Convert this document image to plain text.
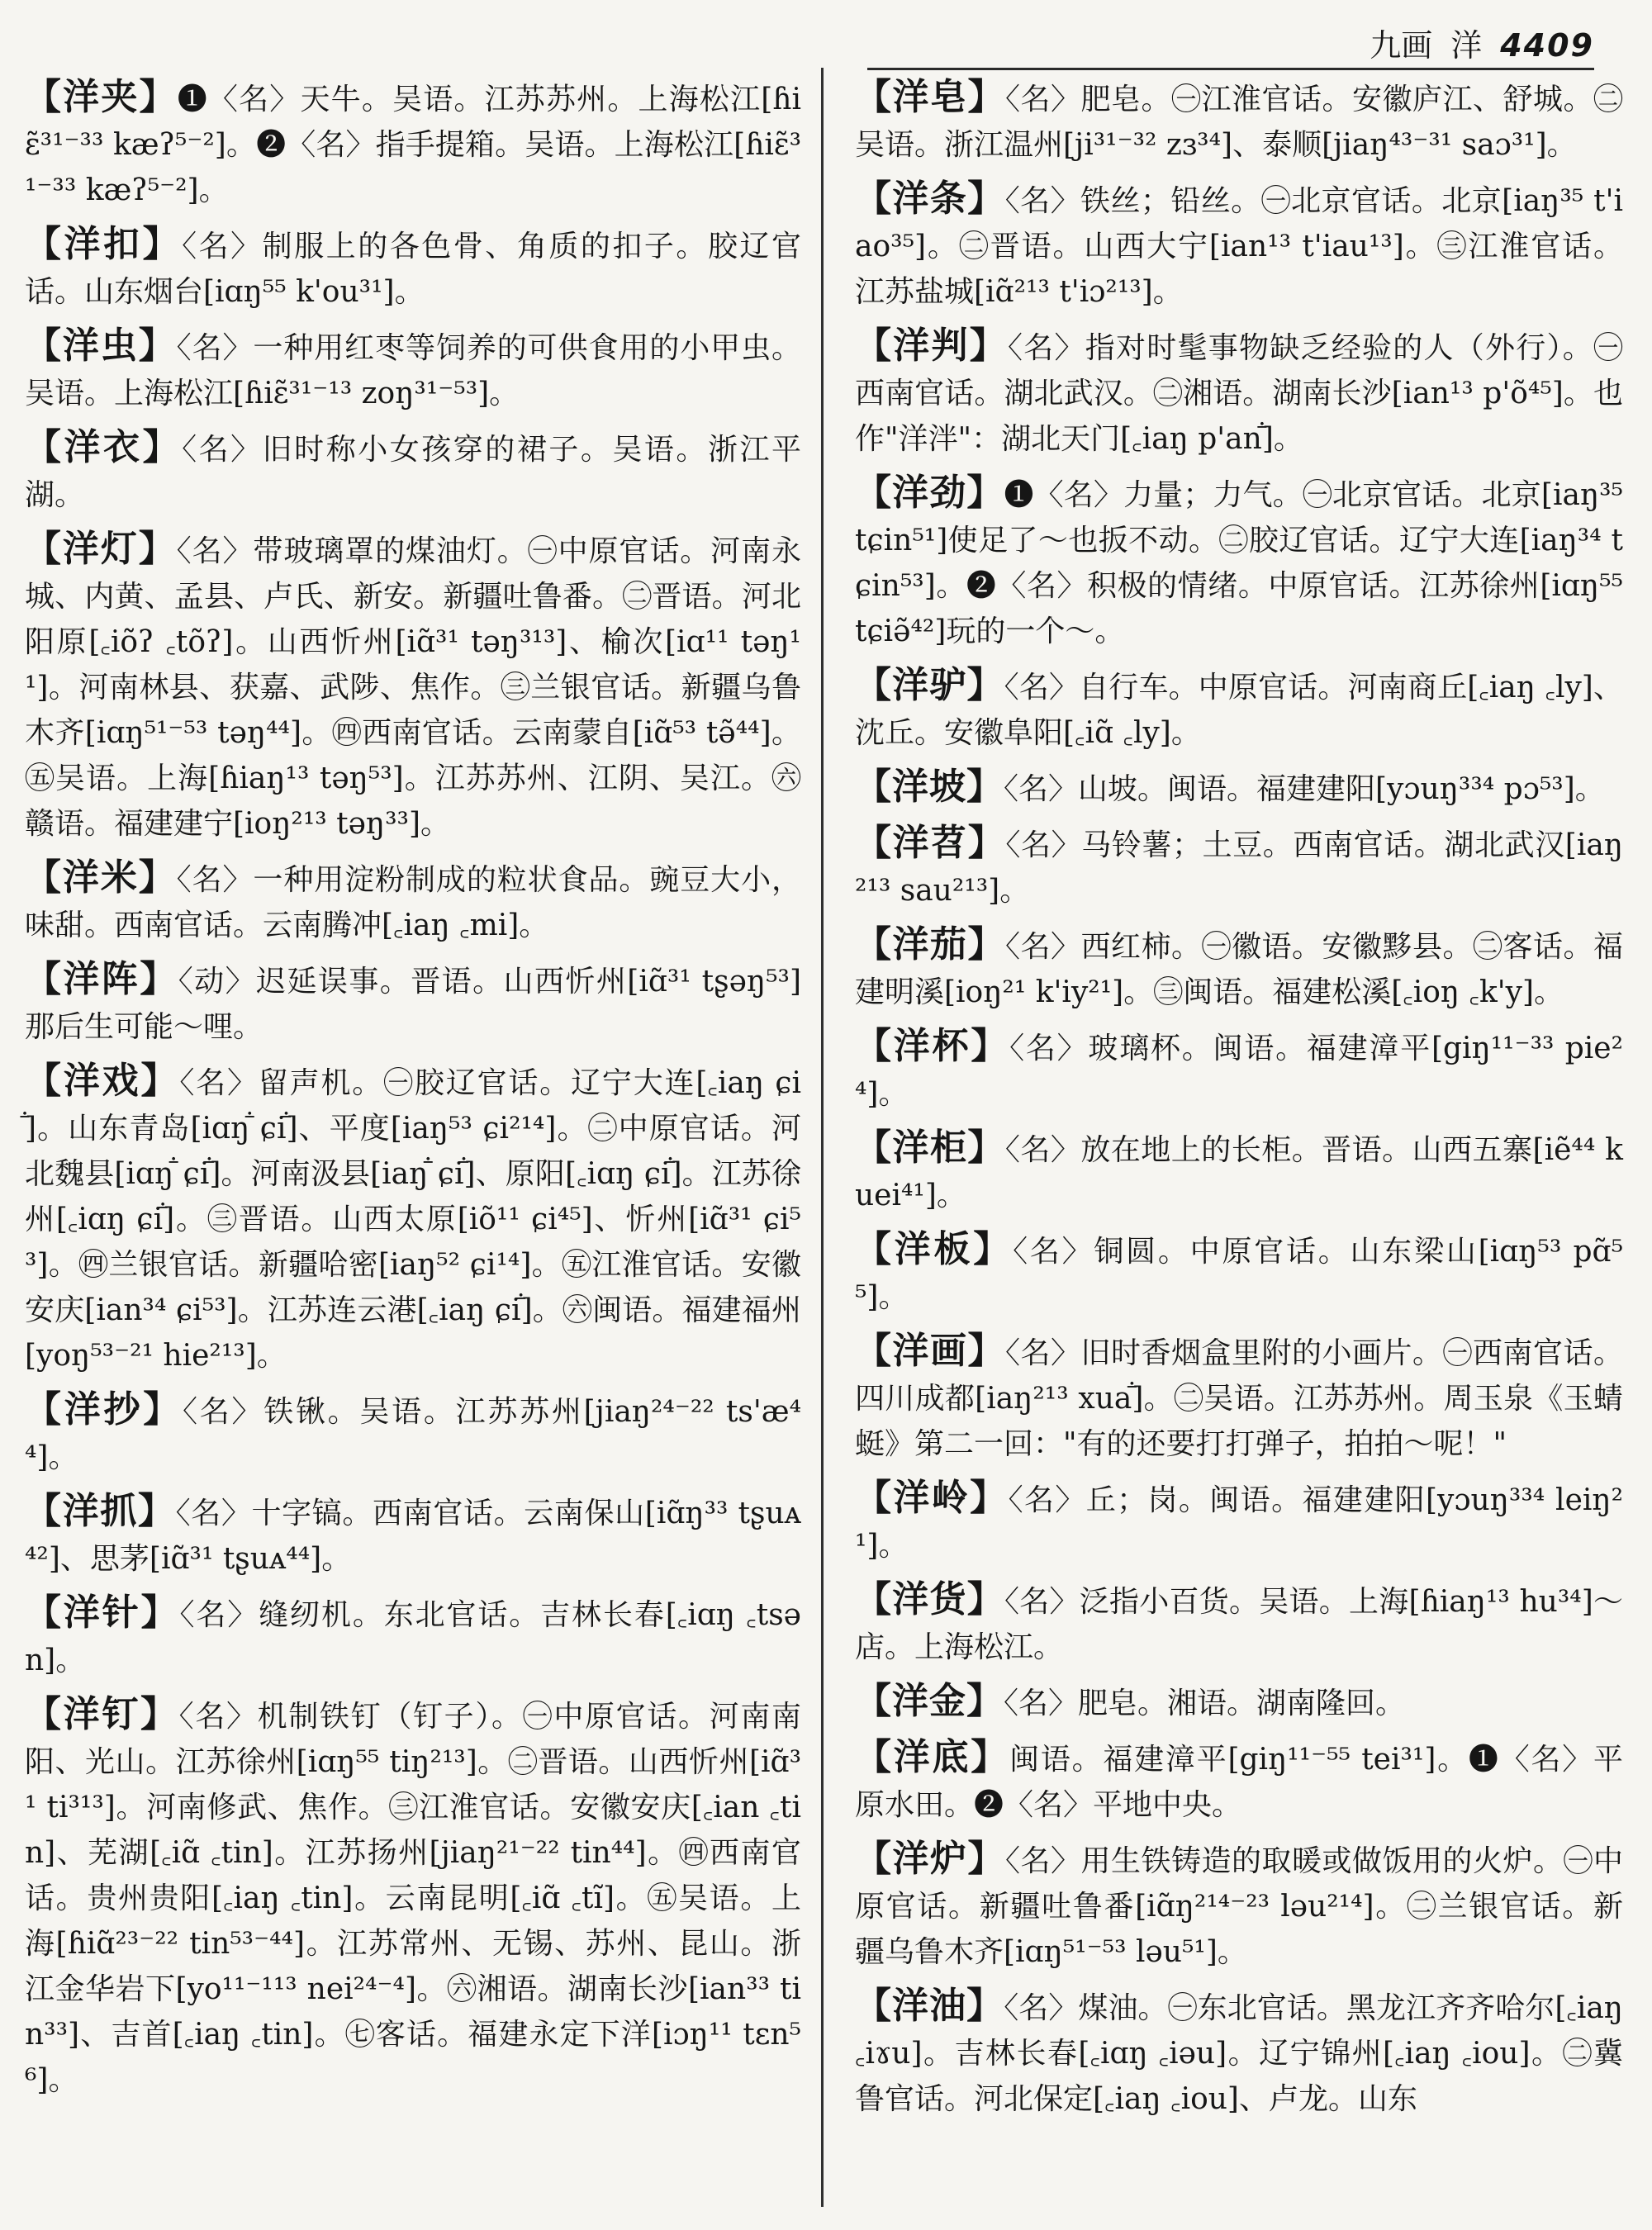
九画 洋 4409

【洋夹】❶〈名〉天牛。吴语。江苏苏州。上海松江[ɦiɛ̃³¹⁻³³ kæʔ⁵⁻²]。❷〈名〉指手提箱。吴语。上海松江[ɦiɛ̃³¹⁻³³ kæʔ⁵⁻²]。

【洋扣】〈名〉制服上的各色骨、角质的扣子。胶辽官话。山东烟台[iɑŋ⁵⁵ k'ou³¹]。

【洋虫】〈名〉一种用红枣等饲养的可供食用的小甲虫。吴语。上海松江[ɦiɛ̃³¹⁻¹³ zoŋ³¹⁻⁵³]。

【洋衣】〈名〉旧时称小女孩穿的裙子。吴语。浙江平湖。

【洋灯】〈名〉带玻璃罩的煤油灯。㊀中原官话。河南永城、内黄、孟县、卢氏、新安。新疆吐鲁番。㊁晋语。河北阳原[꜀iõʔ ꜀tõʔ]。山西忻州[iɑ̃³¹ təŋ³¹³]、榆次[iɑ¹¹ təŋ¹¹]。河南林县、获嘉、武陟、焦作。㊂兰银官话。新疆乌鲁木齐[iɑŋ⁵¹⁻⁵³ təŋ⁴⁴]。㊃西南官话。云南蒙自[iɑ̃⁵³ tə̃⁴⁴]。㊄吴语。上海[ɦiaŋ¹³ təŋ⁵³]。江苏苏州、江阴、吴江。㊅赣语。福建建宁[ioŋ²¹³ təŋ³³]。

【洋米】〈名〉一种用淀粉制成的粒状食品。豌豆大小，味甜。西南官话。云南腾冲[꜀iaŋ ꜀mi]。

【洋阵】〈动〉迟延误事。晋语。山西忻州[iɑ̃³¹ tʂəŋ⁵³]那后生可能～哩。

【洋戏】〈名〉留声机。㊀胶辽官话。辽宁大连[꜀iaŋ ɕiꜙ]。山东青岛[iɑŋꜙ ɕiꜙ]、平度[iaŋ⁵³ ɕi²¹⁴]。㊁中原官话。河北魏县[iɑŋꜙ ɕiꜙ]。河南汲县[iaŋꜙ ɕiꜙ]、原阳[꜀iɑŋ ɕiꜙ]。江苏徐州[꜀iɑŋ ɕiꜙ]。㊂晋语。山西太原[iõ¹¹ ɕi⁴⁵]、忻州[iɑ̃³¹ ɕi⁵³]。㊃兰银官话。新疆哈密[iaŋ⁵² ɕi¹⁴]。㊄江淮官话。安徽安庆[ian³⁴ ɕi⁵³]。江苏连云港[꜀iaŋ ɕiꜙ]。㊅闽语。福建福州[yoŋ⁵³⁻²¹ hie²¹³]。

【洋抄】〈名〉铁锹。吴语。江苏苏州[jiaŋ²⁴⁻²² ts'æ⁴⁴]。

【洋抓】〈名〉十字镐。西南官话。云南保山[iɑ̃ŋ³³ tʂuᴀ⁴²]、思茅[iɑ̃³¹ tʂuᴀ⁴⁴]。

【洋针】〈名〉缝纫机。东北官话。吉林长春[꜀iɑŋ ꜀tsən]。

【洋钉】〈名〉机制铁钉（钉子）。㊀中原官话。河南南阳、光山。江苏徐州[iɑŋ⁵⁵ tiŋ²¹³]。㊁晋语。山西忻州[iɑ̃³¹ ti³¹³]。河南修武、焦作。㊂江淮官话。安徽安庆[꜀ian ꜀tin]、芜湖[꜀iɑ̃ ꜀tin]。江苏扬州[jiaŋ²¹⁻²² tin⁴⁴]。㊃西南官话。贵州贵阳[꜀iaŋ ꜀tin]。云南昆明[꜀iɑ̃ ꜀tĩ]。㊄吴语。上海[ɦiɑ̃²³⁻²² tin⁵³⁻⁴⁴]。江苏常州、无锡、苏州、昆山。浙江金华岩下[yo¹¹⁻¹¹³ nei²⁴⁻⁴]。㊅湘语。湖南长沙[ian³³ tin³³]、吉首[꜀iaŋ ꜀tin]。㊆客话。福建永定下洋[iɔŋ¹¹ tɛn⁵⁶]。

【洋皂】〈名〉肥皂。㊀江淮官话。安徽庐江、舒城。㊁吴语。浙江温州[ji³¹⁻³² zɜ³⁴]、泰顺[jiaŋ⁴³⁻³¹ saɔ³¹]。

【洋条】〈名〉铁丝；铅丝。㊀北京官话。北京[iaŋ³⁵ t'iao³⁵]。㊁晋语。山西大宁[ian¹³ t'iau¹³]。㊂江淮官话。江苏盐城[iɑ̃²¹³ t'iɔ²¹³]。

【洋判】〈名〉指对时髦事物缺乏经验的人（外行）。㊀西南官话。湖北武汉。㊁湘语。湖南长沙[ian¹³ p'õ⁴⁵]。也作"洋泮"：湖北天门[꜀iaŋ p'anꜙ]。

【洋劲】❶〈名〉力量；力气。㊀北京官话。北京[iaŋ³⁵ tɕin⁵¹]使足了～也扳不动。㊁胶辽官话。辽宁大连[iaŋ³⁴ tɕin⁵³]。❷〈名〉积极的情绪。中原官话。江苏徐州[iɑŋ⁵⁵ tɕiə̃⁴²]玩的一个～。

【洋驴】〈名〉自行车。中原官话。河南商丘[꜀iaŋ ꜀ly]、沈丘。安徽阜阳[꜀iɑ̃ ꜀ly]。

【洋坡】〈名〉山坡。闽语。福建建阳[yɔuŋ³³⁴ pɔ⁵³]。

【洋苕】〈名〉马铃薯；土豆。西南官话。湖北武汉[iaŋ²¹³ sau²¹³]。

【洋茄】〈名〉西红柿。㊀徽语。安徽黟县。㊁客话。福建明溪[ioŋ²¹ k'iy²¹]。㊂闽语。福建松溪[꜀ioŋ ꜀k'y]。

【洋杯】〈名〉玻璃杯。闽语。福建漳平[giŋ¹¹⁻³³ pie²⁴]。

【洋柜】〈名〉放在地上的长柜。晋语。山西五寨[iẽ⁴⁴ kuei⁴¹]。

【洋板】〈名〉铜圆。中原官话。山东梁山[iɑŋ⁵³ pɑ̃⁵⁵]。

【洋画】〈名〉旧时香烟盒里附的小画片。㊀西南官话。四川成都[iaŋ²¹³ xuaꜙ]。㊁吴语。江苏苏州。周玉泉《玉蜻蜓》第二一回："有的还要打打弹子，拍拍～呢！"

【洋岭】〈名〉丘；岗。闽语。福建建阳[yɔuŋ³³⁴ leiŋ²¹]。

【洋货】〈名〉泛指小百货。吴语。上海[ɦiaŋ¹³ hu³⁴]～店。上海松江。

【洋金】〈名〉肥皂。湘语。湖南隆回。

【洋底】闽语。福建漳平[giŋ¹¹⁻⁵⁵ tei³¹]。❶〈名〉平原水田。❷〈名〉平地中央。

【洋炉】〈名〉用生铁铸造的取暖或做饭用的火炉。㊀中原官话。新疆吐鲁番[iɑ̃ŋ²¹⁴⁻²³ ləu²¹⁴]。㊁兰银官话。新疆乌鲁木齐[iɑŋ⁵¹⁻⁵³ ləu⁵¹]。

【洋油】〈名〉煤油。㊀东北官话。黑龙江齐齐哈尔[꜀iaŋ ꜀iɤu]。吉林长春[꜀iɑŋ ꜀iəu]。辽宁锦州[꜀iaŋ ꜀iou]。㊁冀鲁官话。河北保定[꜀iaŋ ꜀iou]、卢龙。山东
